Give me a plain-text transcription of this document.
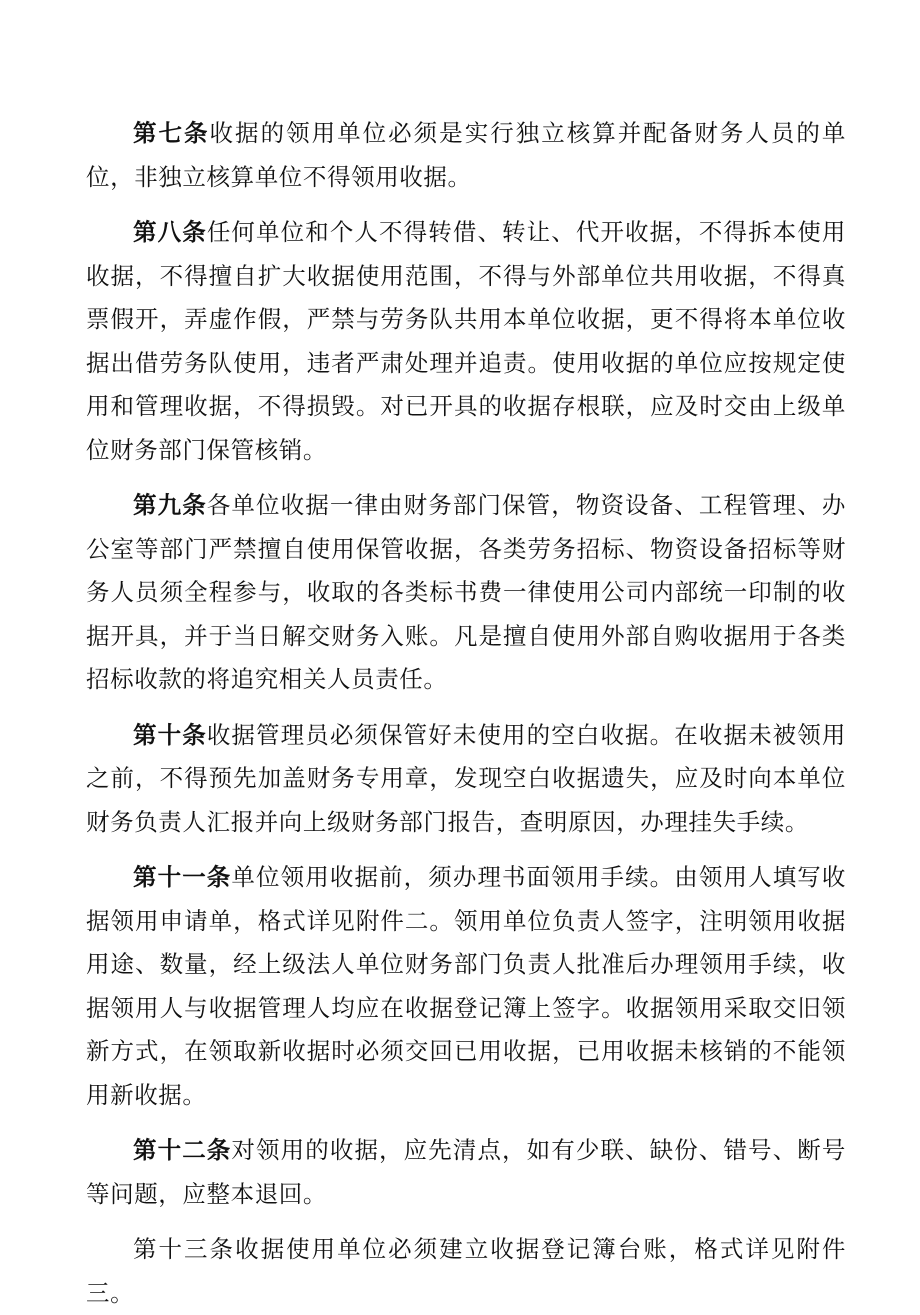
第七条收据的领用单位必须是实行独立核算并配备财务人员的单位，非独立核算单位不得领用收据。

第八条任何单位和个人不得转借、转让、代开收据，不得拆本使用收据，不得擅自扩大收据使用范围，不得与外部单位共用收据，不得真票假开，弄虚作假，严禁与劳务队共用本单位收据，更不得将本单位收据出借劳务队使用，违者严肃处理并追责。使用收据的单位应按规定使用和管理收据，不得损毁。对已开具的收据存根联，应及时交由上级单位财务部门保管核销。

第九条各单位收据一律由财务部门保管，物资设备、工程管理、办公室等部门严禁擅自使用保管收据，各类劳务招标、物资设备招标等财务人员须全程参与，收取的各类标书费一律使用公司内部统一印制的收据开具，并于当日解交财务入账。凡是擅自使用外部自购收据用于各类招标收款的将追究相关人员责任。

第十条收据管理员必须保管好未使用的空白收据。在收据未被领用之前，不得预先加盖财务专用章，发现空白收据遗失，应及时向本单位财务负责人汇报并向上级财务部门报告，查明原因，办理挂失手续。

第十一条单位领用收据前，须办理书面领用手续。由领用人填写收据领用申请单，格式详见附件二。领用单位负责人签字，注明领用收据用途、数量，经上级法人单位财务部门负责人批准后办理领用手续，收据领用人与收据管理人均应在收据登记簿上签字。收据领用采取交旧领新方式，在领取新收据时必须交回已用收据，已用收据未核销的不能领用新收据。

第十二条对领用的收据，应先清点，如有少联、缺份、错号、断号等问题，应整本退回。

第十三条收据使用单位必须建立收据登记簿台账，格式详见附件三。
